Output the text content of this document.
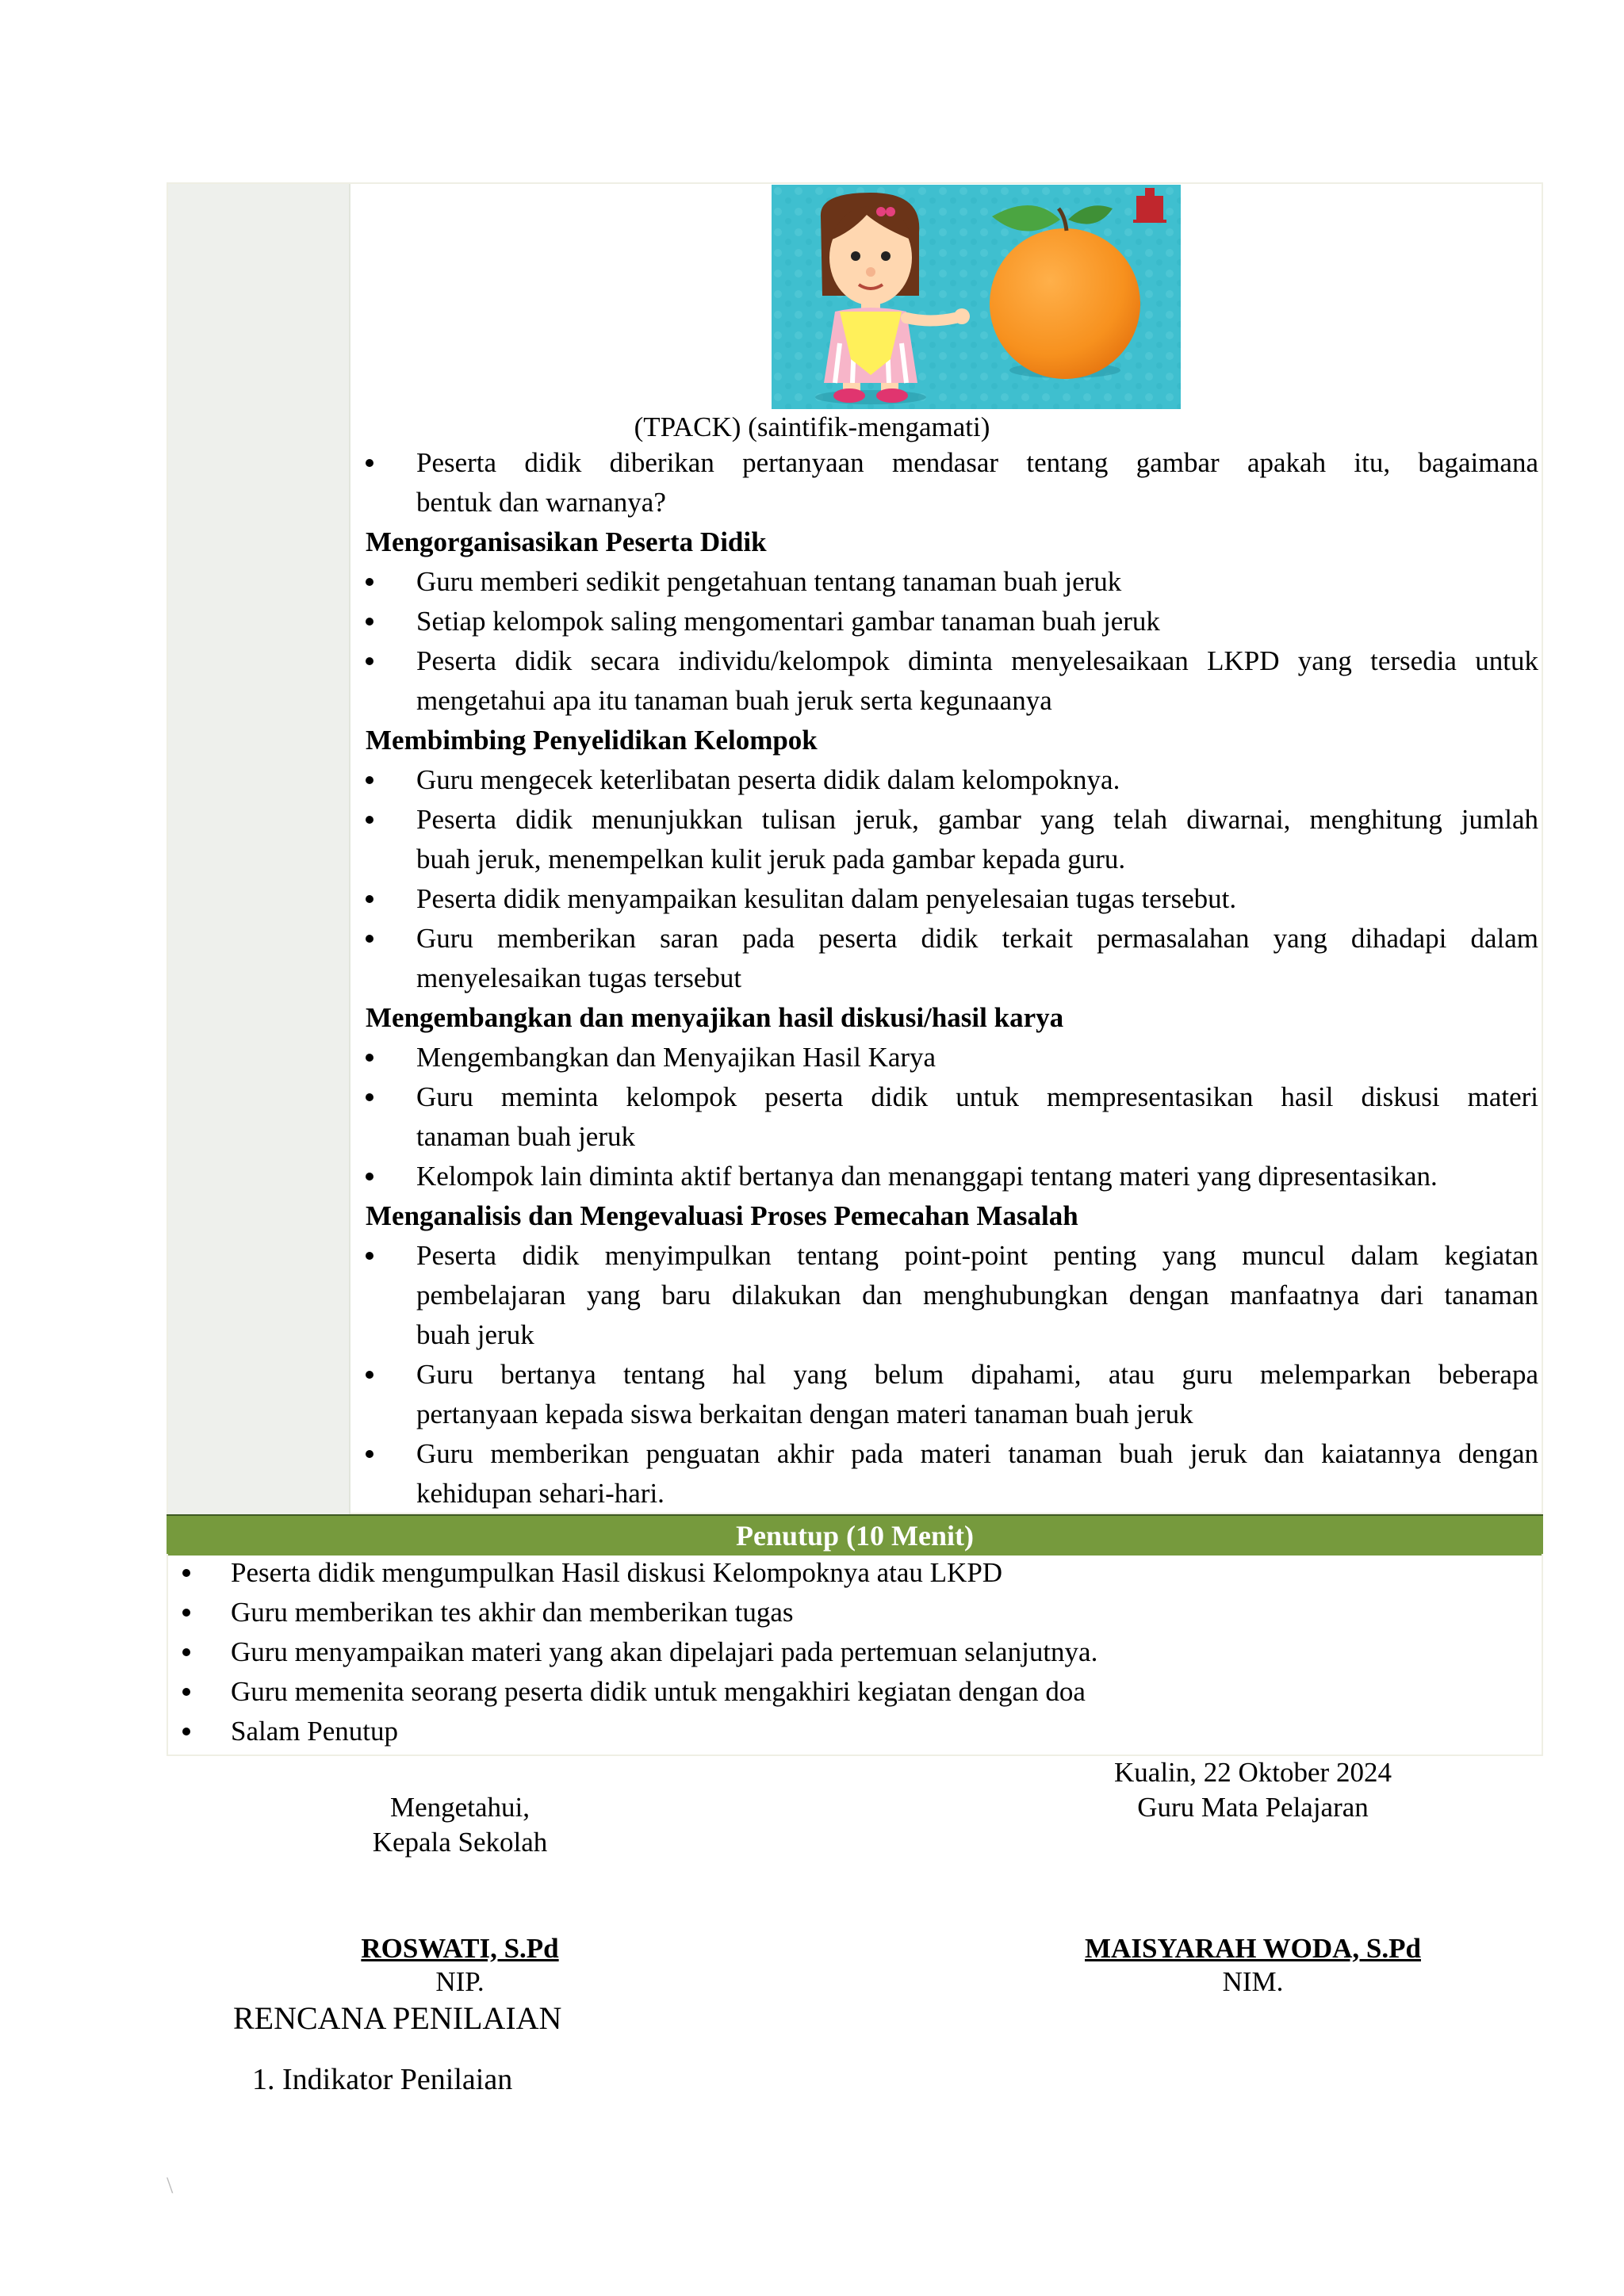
(TPACK) (saintifik-mengamati)
Peserta didik diberikan pertanyaan mendasar tentang gambar apakah itu, bagaimana
bentuk dan warnanya?
Mengorganisasikan Peserta Didik
Guru memberi sedikit pengetahuan tentang tanaman buah jeruk
Setiap kelompok saling mengomentari gambar tanaman buah jeruk
Peserta didik secara individu/kelompok diminta menyelesaikaan LKPD yang tersedia untuk
mengetahui apa itu tanaman buah jeruk serta kegunaanya
Membimbing Penyelidikan Kelompok
Guru mengecek keterlibatan peserta didik dalam kelompoknya.
Peserta didik menunjukkan tulisan jeruk, gambar yang telah diwarnai, menghitung jumlah
buah jeruk, menempelkan kulit jeruk pada gambar kepada guru.
Peserta didik menyampaikan kesulitan dalam penyelesaian tugas tersebut.
Guru memberikan saran pada peserta didik terkait permasalahan yang dihadapi dalam
menyelesaikan tugas tersebut
Mengembangkan dan menyajikan hasil diskusi/hasil karya
Mengembangkan dan Menyajikan Hasil Karya
Guru meminta kelompok peserta didik untuk mempresentasikan hasil diskusi materi
tanaman buah jeruk
Kelompok lain diminta aktif bertanya dan menanggapi tentang materi yang dipresentasikan.
Menganalisis dan Mengevaluasi Proses Pemecahan Masalah
Peserta didik menyimpulkan tentang point-point penting yang muncul dalam kegiatan
pembelajaran yang baru dilakukan dan menghubungkan dengan manfaatnya dari tanaman
buah jeruk
Guru bertanya tentang hal yang belum dipahami, atau guru melemparkan beberapa
pertanyaan kepada siswa berkaitan dengan materi tanaman buah jeruk
Guru memberikan penguatan akhir pada materi tanaman buah jeruk dan kaiatannya dengan
kehidupan sehari-hari.
Penutup (10 Menit)
Peserta didik mengumpulkan Hasil diskusi Kelompoknya atau LKPD
Guru memberikan tes akhir dan memberikan tugas
Guru menyampaikan materi yang akan dipelajari pada pertemuan selanjutnya.
Guru memenita seorang peserta didik untuk mengakhiri kegiatan dengan doa
Salam Penutup
Kualin, 22 Oktober 2024
Guru Mata Pelajaran
Mengetahui,
Kepala Sekolah
ROSWATI, S.Pd
NIP.
MAISYARAH WODA, S.Pd
NIM.
RENCANA PENILAIAN
1. Indikator Penilaian
\
